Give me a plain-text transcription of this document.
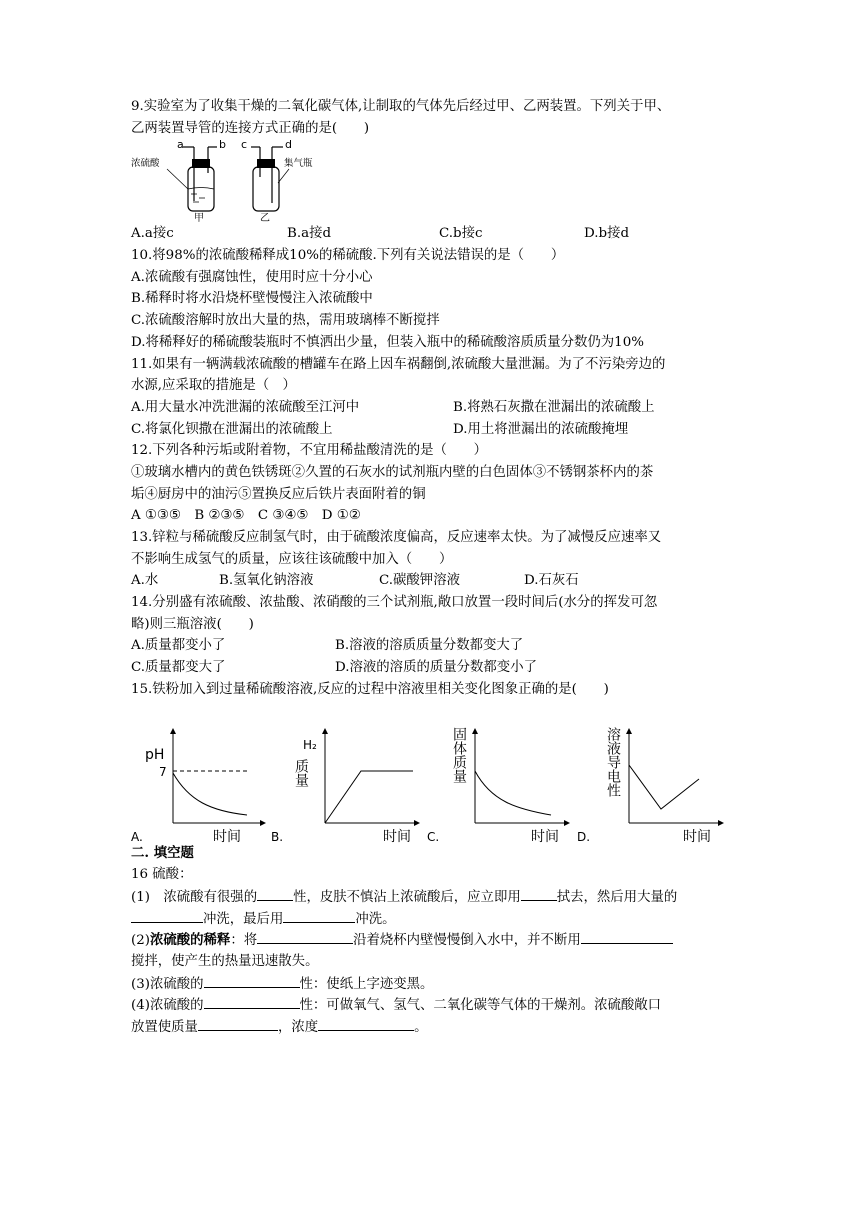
9.实验室为了收集干燥的二氧化碳气体,让制取的气体先后经过甲、乙两装置。下列关于甲、
乙两装置导管的连接方式正确的是(　　)
a	b
浓硫酸
甲
c	d
集气瓶
乙
A.a接c	B.a接d	C.b接c	D.b接d
10.将98%的浓硫酸稀释成10%的稀硫酸.下列有关说法错误的是（　　）
A.浓硫酸有强腐蚀性，使用时应十分小心
B.稀释时将水沿烧杯壁慢慢注入浓硫酸中
C.浓硫酸溶解时放出大量的热，需用玻璃棒不断搅拌
D.将稀释好的稀硫酸装瓶时不慎洒出少量，但装入瓶中的稀硫酸溶质质量分数仍为10%
11.如果有一辆满载浓硫酸的槽罐车在路上因车祸翻倒,浓硫酸大量泄漏。为了不污染旁边的
水源,应采取的措施是（　）
A.用大量水冲洗泄漏的浓硫酸至江河中	B.将熟石灰撒在泄漏出的浓硫酸上
C.将氯化钡撒在泄漏出的浓硫酸上	D.用土将泄漏出的浓硫酸掩埋
12.下列各种污垢或附着物，不宜用稀盐酸清洗的是（　　）
①玻璃水槽内的黄色铁锈斑②久置的石灰水的试剂瓶内壁的白色固体③不锈钢茶杯内的茶
垢④厨房中的油污⑤置换反应后铁片表面附着的铜
A ①③⑤　B ②③⑤　C ③④⑤　D ①②
13.锌粒与稀硫酸反应制氢气时，由于硫酸浓度偏高，反应速率太快。为了减慢反应速率又
不影响生成氢气的质量，应该往该硫酸中加入（　　）
A.水	B.氢氧化钠溶液	C.碳酸钾溶液	D.石灰石
14.分别盛有浓硫酸、浓盐酸、浓硝酸的三个试剂瓶,敞口放置一段时间后(水分的挥发可忽
略)则三瓶溶液(　　)
A.质量都变小了	B.溶液的溶质质量分数都变大了
C.质量都变大了	D.溶液的溶质的质量分数都变小了
15.铁粉加入到过量稀硫酸溶液,反应的过程中溶液里相关变化图象正确的是(　　)
pH
7
时间
A.
H₂
质量
时间
B.
固体质量
时间
C.
溶液导电性
时间
D.
二. 填空题
16 硫酸：
(1)　浓硫酸有很强的	性，皮肤不慎沾上浓硫酸后，应立即用	拭去，然后用大量的
冲洗，最后用	冲洗。
(2)浓硫酸的稀释：将	沿着烧杯内壁慢慢倒入水中，并不断用
搅拌，使产生的热量迅速散失。
(3)浓硫酸的	性：使纸上字迹变黑。
(4)浓硫酸的	性：可做氧气、氢气、二氧化碳等气体的干燥剂。浓硫酸敞口
放置使质量	，浓度	。
